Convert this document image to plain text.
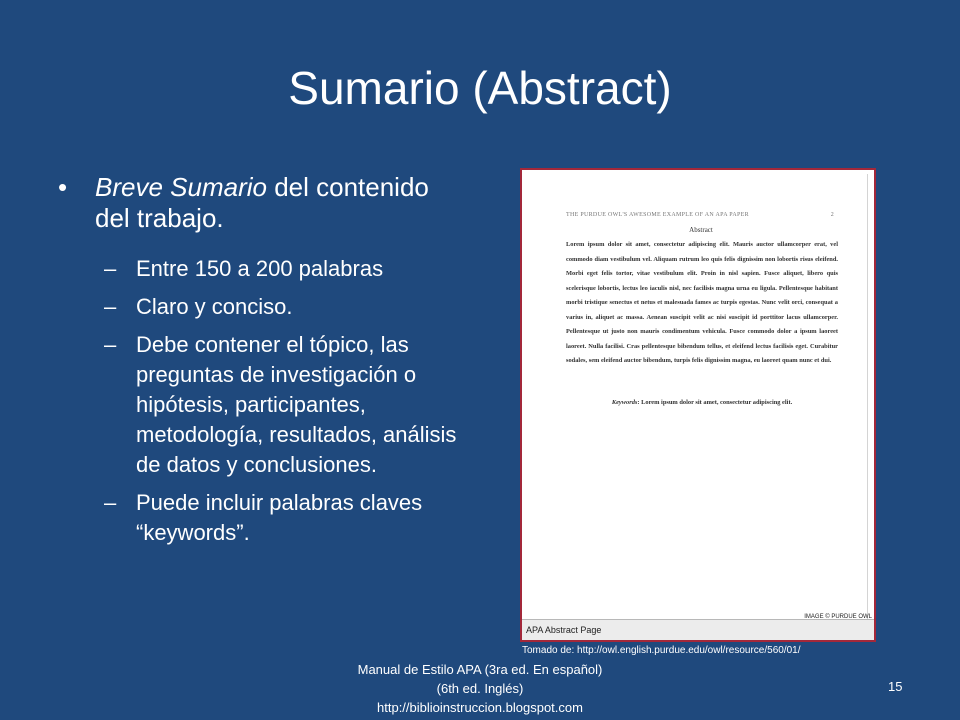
Sumario (Abstract)
• Breve Sumario del contenido del trabajo.
– Entre 150 a 200 palabras
– Claro y conciso.
– Debe contener el tópico, las preguntas de investigación o hipótesis, participantes, metodología, resultados, análisis de datos y conclusiones.
– Puede incluir palabras claves “keywords”.
THE PURDUE OWL'S AWESOME EXAMPLE OF AN APA PAPER	2
Abstract
Lorem ipsum dolor sit amet, consectetur adipiscing elit. Mauris auctor ullamcorper erat, vel commodo diam vestibulum vel. Aliquam rutrum leo quis felis dignissim non lobortis risus eleifend. Morbi eget felis tortor, vitae vestibulum elit. Proin in nisl sapien. Fusce aliquet, libero quis scelerisque lobortis, lectus leo iaculis nisl, nec facilisis magna urna eu ligula. Pellentesque habitant morbi tristique senectus et netus et malesuada fames ac turpis egestas. Nunc velit orci, consequat a varius in, aliquet ac massa. Aenean suscipit velit ac nisi suscipit id porttitor lacus ullamcorper. Pellentesque ut justo non mauris condimentum vehicula. Fusce commodo dolor a ipsum laoreet laoreet. Nulla facilisi. Cras pellentesque bibendum tellus, et eleifend lectus facilisis eget. Curabitur sodales, sem eleifend auctor bibendum, turpis felis dignissim magna, eu laoreet quam nunc et dui.
Keywords: Lorem ipsum dolor sit amet, consectetur adipiscing elit.
APA Abstract Page
IMAGE © PURDUE OWL
Tomado de: http://owl.english.purdue.edu/owl/resource/560/01/
Manual de Estilo APA (3ra ed. En español)
(6th ed. Inglés)
http://biblioinstruccion.blogspot.com
15
